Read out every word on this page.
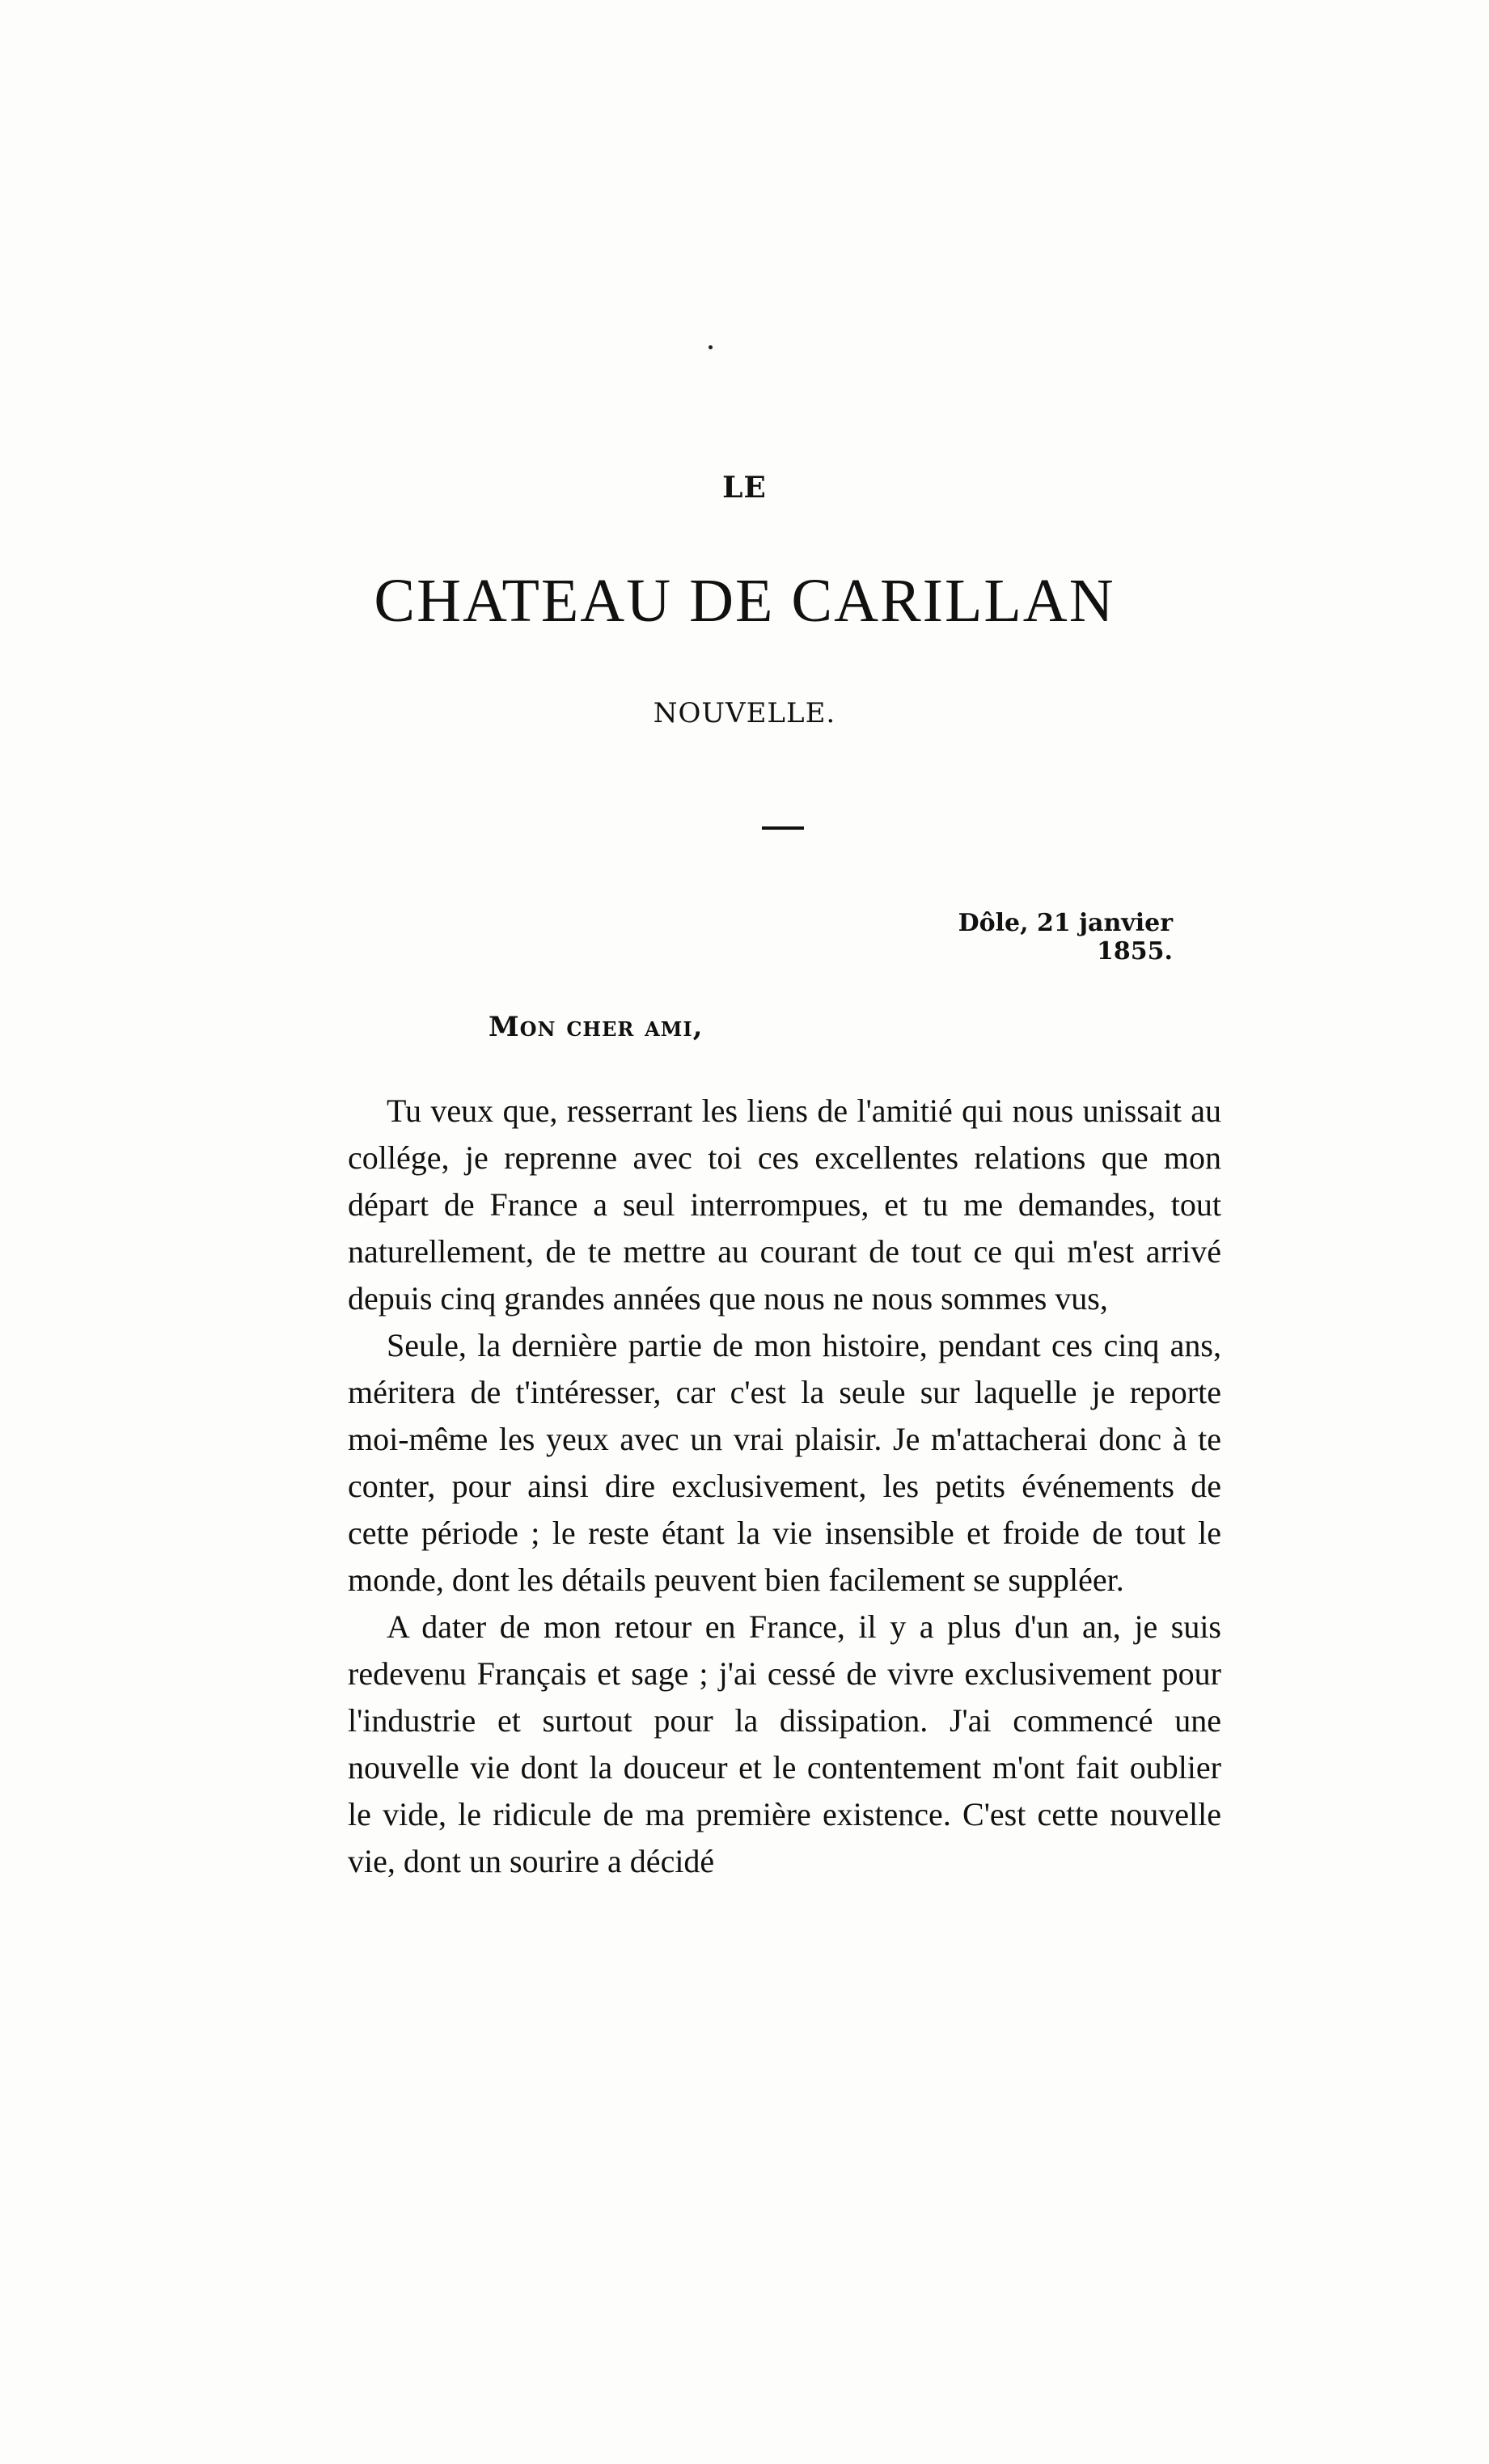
LE
CHATEAU DE CARILLAN
NOUVELLE.
Dôle, 21 janvier 1855.
Mon cher ami,

Tu veux que, resserrant les liens de l'amitié qui nous unissait au collége, je reprenne avec toi ces excellentes relations que mon départ de France a seul interrompues, et tu me demandes, tout naturellement, de te mettre au courant de tout ce qui m'est arrivé depuis cinq grandes années que nous ne nous sommes vus,

Seule, la dernière partie de mon histoire, pendant ces cinq ans, méritera de t'intéresser, car c'est la seule sur laquelle je reporte moi-même les yeux avec un vrai plaisir. Je m'attacherai donc à te conter, pour ainsi dire exclusivement, les petits événements de cette période ; le reste étant la vie insensible et froide de tout le monde, dont les détails peuvent bien facilement se suppléer.

A dater de mon retour en France, il y a plus d'un an, je suis redevenu Français et sage ; j'ai cessé de vivre exclusivement pour l'industrie et surtout pour la dissipation. J'ai commencé une nouvelle vie dont la douceur et le contentement m'ont fait oublier le vide, le ridicule de ma première existence. C'est cette nouvelle vie, dont un sourire a décidé
